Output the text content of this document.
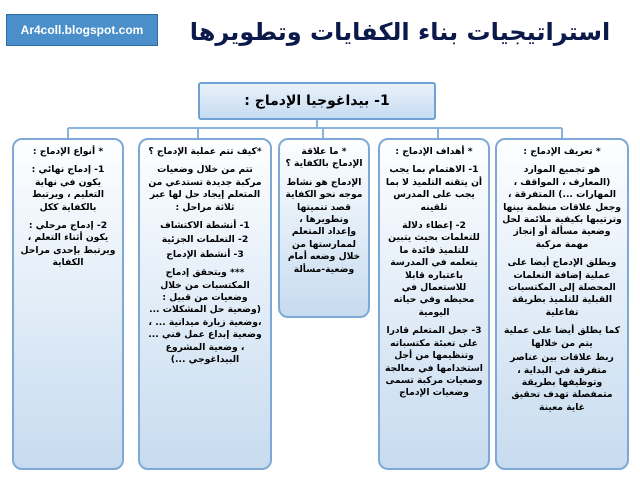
Ar4coll.blogspot.com	استراتيجيات بناء الكفايات وتطويرها
1- بيداغوجيا الإدماج :

* تعريف الإدماج :

هو تجميع الموارد (المعارف ، المواقف ، المهارات ...) المتفرقة ، وجعل علاقات منظمة بينها وترتيبها بكيفية ملائمة لحل وضعية مسألة أو إنجاز مهمة مركبة

ويطلق الإدماج أيضا على عملية إضافة التعلمات المحصلة إلى المكتسبات القبلية للتلميذ بطريقة تفاعلية

كما يطلق أيضا على عملية يتم من خلالها

ربط علاقات بين عناصر متفرقة في البداية ، وتوظيفها بطريقة متمفصلة تهدف تحقيق غاية معينة

* أهداف الإدماج :

1- الاهتمام بما يجب أن يتقنه التلميذ لا بما يجب على المدرس تلقينه

2- إعطاء دلالة للتعلمات بحيث يتبين للتلميذ فائدة ما يتعلمه في المدرسة باعتباره قابلا للاستعمال في محيطه وفي حياته اليومية

3- جعل المتعلم قادرا على تعبئة مكتسباته وتنظيمها من أجل استخدامها في معالجة وضعيات مركبة تسمى وضعيات الإدماج

* ما علاقة الإدماج بالكفاية ؟

الإدماج هو نشاط موجه نحو الكفاية قصد تنميتها وتطويرها ، وإعداد المتعلم لممارستها من خلال وضعه أمام وضعية-مسألة

*كيف تتم عملية الإدماج ؟

تتم من خلال وضعيات مركبة جديدة تستدعي من المتعلم إيجاد حل لها عبر ثلاثة مراحل :

1- أنشطة الاكتشاف

2- التعلمات الجزئية

3- أنشطة الإدماج

*** ويتحقق إدماج المكتسبات من خلال وضعيات من قبيل : (وضعية حل المشكلات ... ،وضعية زيارة ميدانية ... ، وضعية إبداع عمل فني ... ، وضعية المشروع البيداغوجي ...)

* أنواع الإدماج :

1- إدماج نهائي : يكون في نهاية التعليم ، ويرتبط بالكفاية ككل

2- إدماج مرحلي : يكون أثناء التعلم ، ويرتبط بإحدى مراحل الكفاية
